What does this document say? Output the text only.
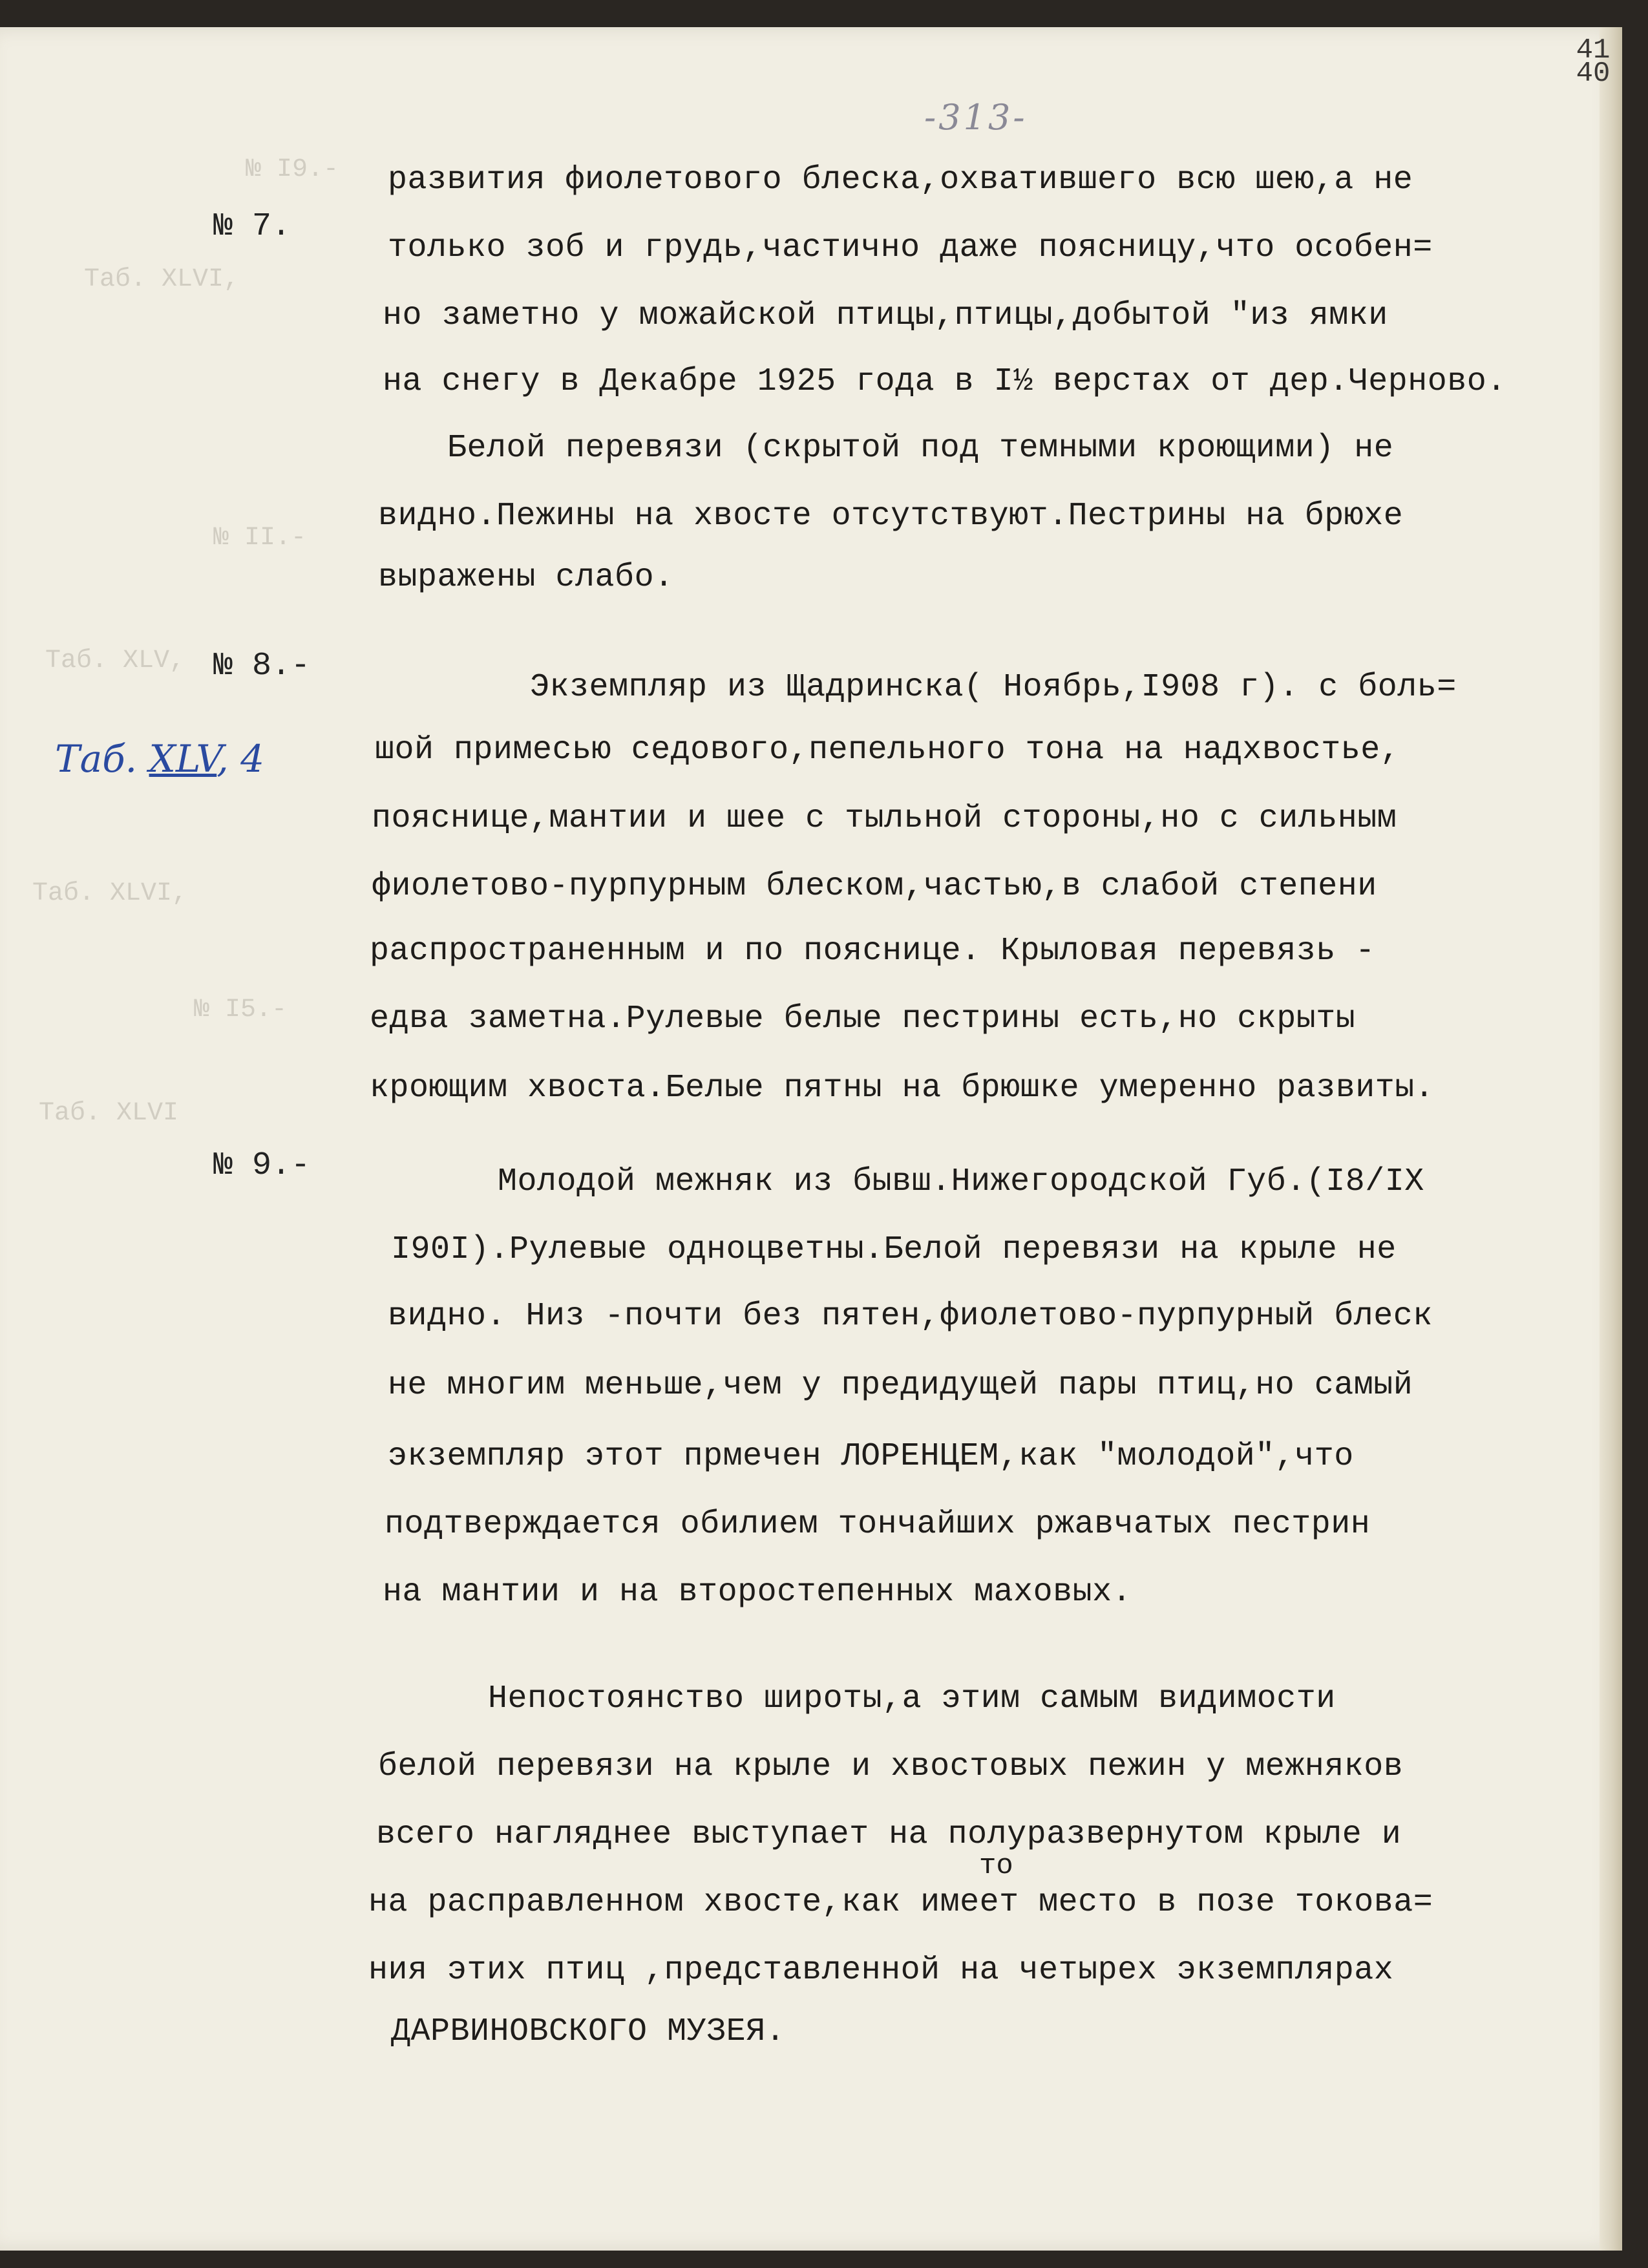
№ I9.-
Таб. XLVI,
№ II.-
Таб. XLV,
Таб. XLVI,
№ I5.-
Таб. XLVI
41
40
-313-
№ 7.
№ 8.-
№ 9.-
Таб. XLV, 4
развития фиолетового блеска,охватившего всю шею,а не
только зоб и грудь,частично даже поясницу,что особен=
но заметно у можайской птицы,птицы,добытой "из ямки
на снегу в Декабре 1925 года в I½ верстах от дер.Черново.
Белой перевязи (скрытой под темными кроющими) не
видно.Пежины на хвосте отсутствуют.Пестрины на брюхе
выражены слабо.
Экземпляр из Щадринска( Ноябрь,I908 г). с боль=
шой примесью седового,пепельного тона на надхвостье,
пояснице,мантии и шее с тыльной стороны,но с сильным
фиолетово-пурпурным блеском,частью,в слабой степени
распространенным и по пояснице. Крыловая перевязь -
едва заметна.Рулевые белые пестрины есть,но скрыты
кроющим хвоста.Белые пятны на брюшке умеренно развиты.
Молодой межняк из бывш.Нижегородской Губ.(I8/IX
I90I).Рулевые одноцветны.Белой перевязи на крыле не
видно. Низ -почти без пятен,фиолетово-пурпурный блеск
не многим меньше,чем у предидущей пары птиц,но самый
экземпляр этот прмечен ЛОРЕНЦЕМ,как "молодой",что
подтверждается обилием тончайших ржавчатых пестрин
на мантии и на второстепенных маховых.
Непостоянство широты,а этим самым видимости
белой перевязи на крыле и хвостовых пежин у межняков
всего нагляднее выступает на полуразвернутом крыле и
то
на расправленном хвосте,как имеет место в позе токова=
ния этих птиц ,представленной на четырех экземплярах
ДАРВИНОВСКОГО МУЗЕЯ.
